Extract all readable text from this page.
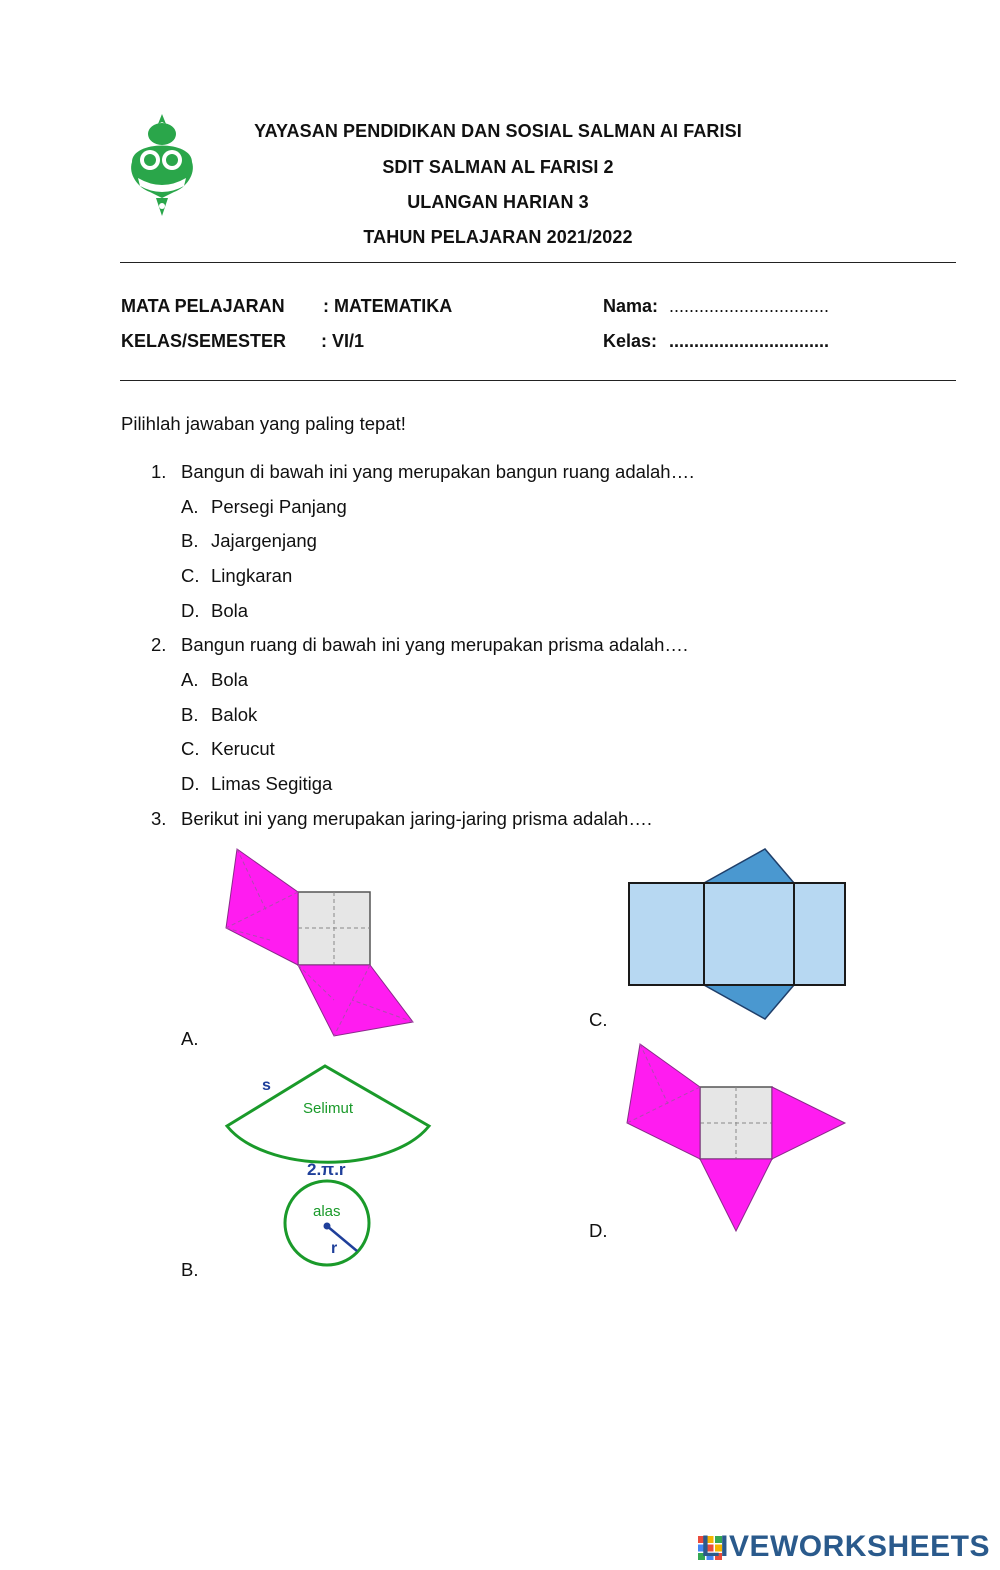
YAYASAN PENDIDIKAN DAN SOSIAL SALMAN AI FARISI
SDIT SALMAN AL FARISI 2
ULANGAN HARIAN 3
TAHUN PELAJARAN 2021/2022
MATA PELAJARAN : MATEMATIKA
KELAS/SEMESTER : VI/1
Nama: ................................
Kelas: ................................
Pilihlah jawaban yang paling tepat!
1. Bangun di bawah ini yang merupakan bangun ruang adalah….
A. Persegi Panjang
B. Jajargenjang
C. Lingkaran
D. Bola
2. Bangun ruang di bawah ini yang merupakan prisma adalah….
A. Bola
B. Balok
C. Kerucut
D. Limas Segitiga
3. Berikut ini yang merupakan jaring-jaring prisma adalah….
A.
C.
s
Selimut
2.π.r
alas
r
B.
D.
LIVEWORKSHEETS
